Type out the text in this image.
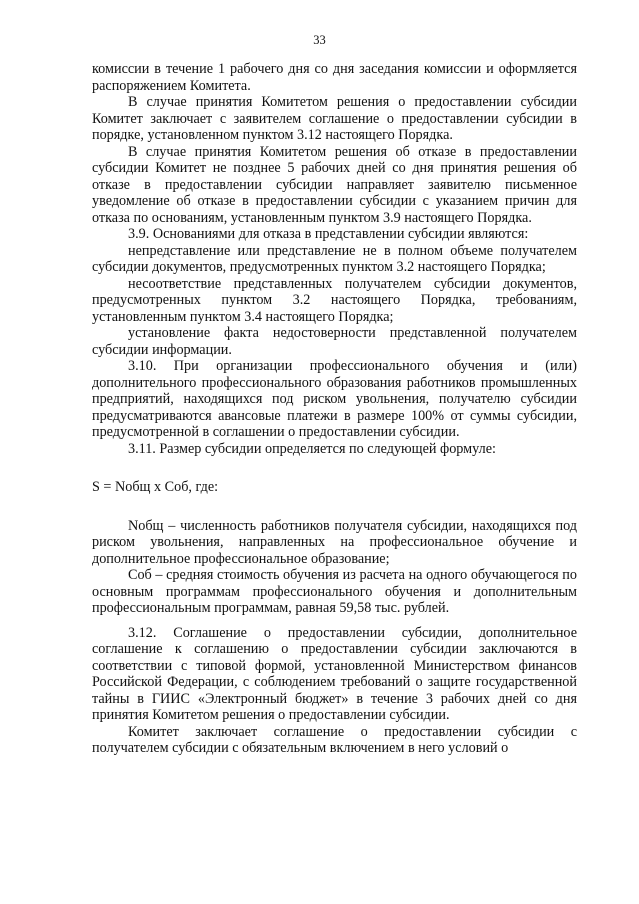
33

комиссии в течение 1 рабочего дня со дня заседания комиссии и оформляется распоряжением Комитета.

В случае принятия Комитетом решения о предоставлении субсидии Комитет заключает с заявителем соглашение о предоставлении субсидии в порядке, установленном пунктом 3.12 настоящего Порядка.

В случае принятия Комитетом решения об отказе в предоставлении субсидии Комитет не позднее 5 рабочих дней со дня принятия решения об отказе в предоставлении субсидии направляет заявителю письменное уведомление об отказе в предоставлении субсидии с указанием причин для отказа по основаниям, установленным пунктом 3.9 настоящего Порядка.

3.9. Основаниями для отказа в представлении субсидии являются:

непредставление или представление не в полном объеме получателем субсидии документов, предусмотренных пунктом 3.2 настоящего Порядка;

несоответствие представленных получателем субсидии документов, предусмотренных пунктом 3.2 настоящего Порядка, требованиям, установленным пунктом 3.4 настоящего Порядка;

установление факта недостоверности представленной получателем субсидии информации.

3.10. При организации профессионального обучения и (или) дополнительного профессионального образования работников промышленных предприятий, находящихся под риском увольнения, получателю субсидии предусматриваются авансовые платежи в размере 100% от суммы субсидии, предусмотренной в соглашении о предоставлении субсидии.

3.11. Размер субсидии определяется по следующей формуле:

S = Nобщ x Cоб, где:

Nобщ – численность работников получателя субсидии, находящихся под риском увольнения, направленных на профессиональное обучение и дополнительное профессиональное образование;

Cоб – средняя стоимость обучения из расчета на одного обучающегося по основным программам профессионального обучения и дополнительным профессиональным программам, равная 59,58 тыс. рублей.

3.12. Соглашение о предоставлении субсидии, дополнительное соглашение к соглашению о предоставлении субсидии заключаются в соответствии с типовой формой, установленной Министерством финансов Российской Федерации, с соблюдением требований о защите государственной тайны в ГИИС «Электронный бюджет» в течение 3 рабочих дней со дня принятия Комитетом решения о предоставлении субсидии.

Комитет заключает соглашение о предоставлении субсидии с получателем субсидии с обязательным включением в него условий о
